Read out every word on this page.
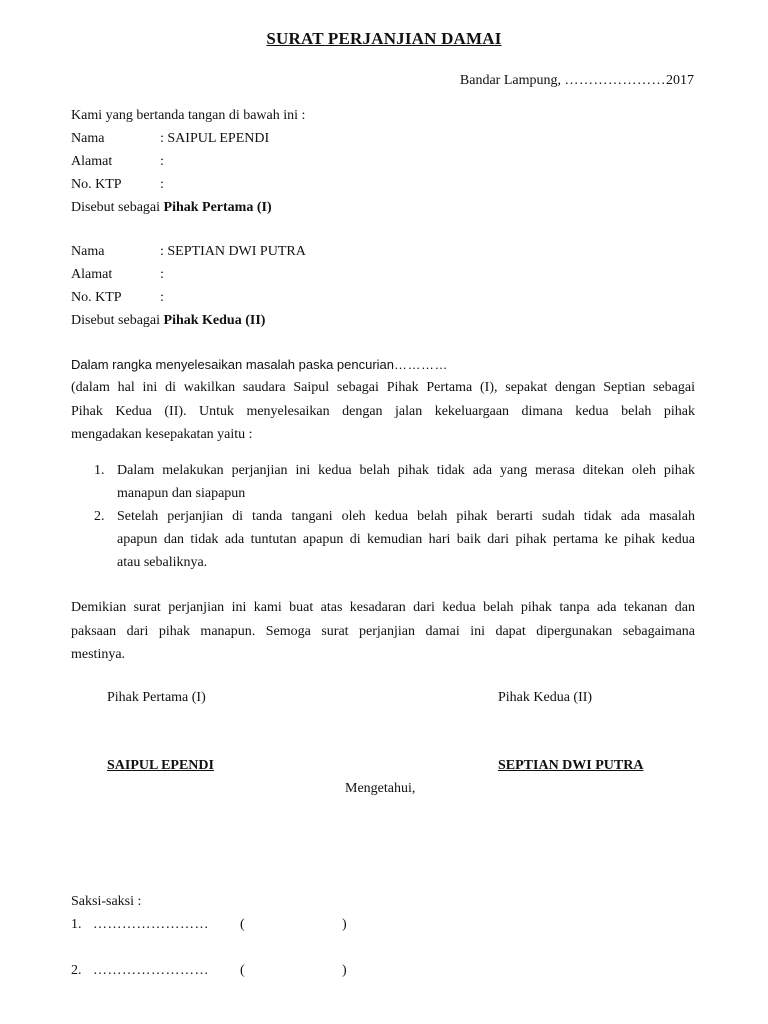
SURAT PERJANJIAN DAMAI
Bandar Lampung, …………………2017
Kami yang bertanda tangan di bawah ini :
Nama	: SAIPUL EPENDI
Alamat	:
No. KTP	:
Disebut sebagai Pihak Pertama (I)
Nama	: SEPTIAN DWI PUTRA
Alamat	:
No. KTP	:
Disebut sebagai Pihak Kedua (II)
Dalam rangka menyelesaikan masalah paska pencurian…………
(dalam hal ini di wakilkan saudara Saipul sebagai Pihak Pertama (I), sepakat dengan Septian sebagai
Pihak Kedua (II). Untuk menyelesaikan dengan jalan kekeluargaan dimana kedua belah pihak
mengadakan kesepakatan yaitu :
1. Dalam melakukan perjanjian ini kedua belah pihak tidak ada yang merasa ditekan oleh pihak
manapun dan siapapun
2. Setelah perjanjian di tanda tangani oleh kedua belah pihak berarti sudah tidak ada masalah
apapun dan tidak ada tuntutan apapun di kemudian hari baik dari pihak pertama ke pihak kedua
atau sebaliknya.
Demikian surat perjanjian ini kami buat atas kesadaran dari kedua belah pihak tanpa ada tekanan dan
paksaan dari pihak manapun. Semoga surat perjanjian damai ini dapat dipergunakan sebagaimana
mestinya.
Pihak Pertama (I)	Pihak Kedua (II)
SAIPUL EPENDI	SEPTIAN DWI PUTRA
Mengetahui,
Saksi-saksi :
1. …………………… (	)
2. …………………… (	)
